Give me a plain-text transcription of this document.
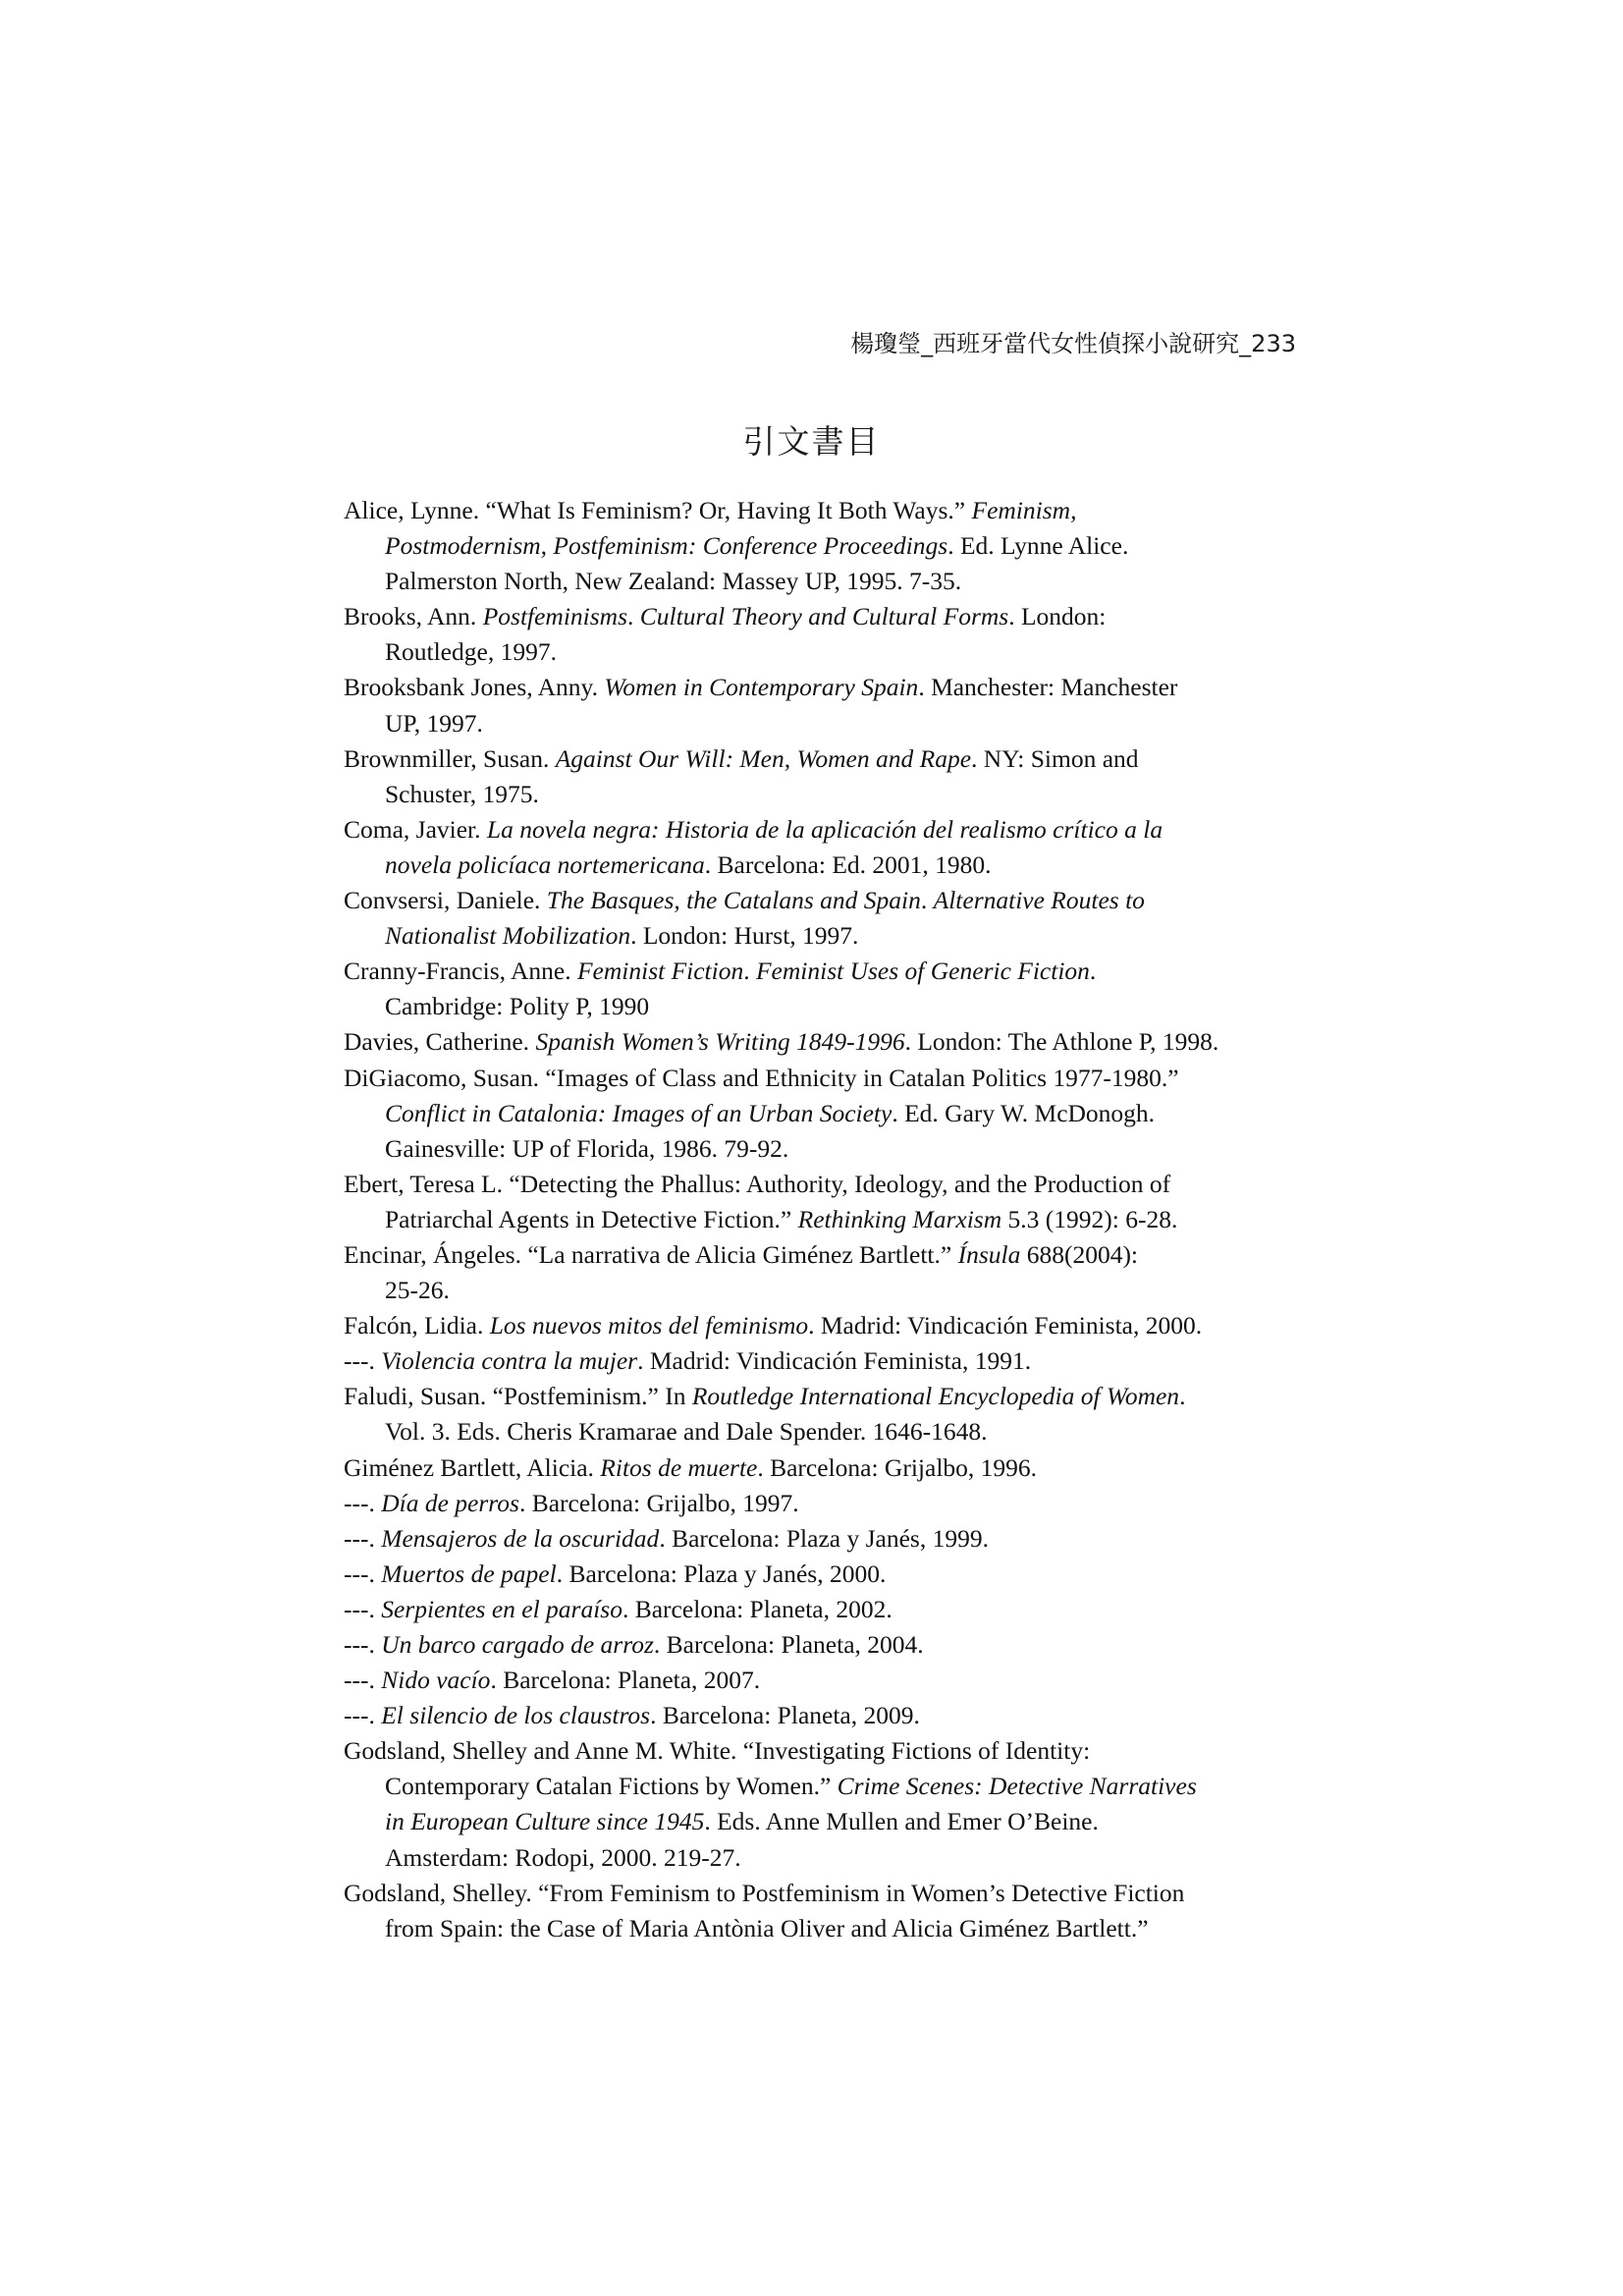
楊瓊瑩_西班牙當代女性偵探小說研究_233
引文書目

Alice, Lynne. “What Is Feminism? Or, Having It Both Ways.” Feminism,
Postmodernism, Postfeminism: Conference Proceedings. Ed. Lynne Alice.
Palmerston North, New Zealand: Massey UP, 1995. 7-35.

Brooks, Ann. Postfeminisms. Cultural Theory and Cultural Forms. London:
Routledge, 1997.

Brooksbank Jones, Anny. Women in Contemporary Spain. Manchester: Manchester
UP, 1997.

Brownmiller, Susan. Against Our Will: Men, Women and Rape. NY: Simon and
Schuster, 1975.

Coma, Javier. La novela negra: Historia de la aplicación del realismo crítico a la
novela policíaca nortemericana. Barcelona: Ed. 2001, 1980.

Convsersi, Daniele. The Basques, the Catalans and Spain. Alternative Routes to
Nationalist Mobilization. London: Hurst, 1997.

Cranny-Francis, Anne. Feminist Fiction. Feminist Uses of Generic Fiction.
Cambridge: Polity P, 1990

Davies, Catherine. Spanish Women’s Writing 1849-1996. London: The Athlone P, 1998.

DiGiacomo, Susan. “Images of Class and Ethnicity in Catalan Politics 1977-1980.”
Conflict in Catalonia: Images of an Urban Society. Ed. Gary W. McDonogh.
Gainesville: UP of Florida, 1986. 79-92.

Ebert, Teresa L. “Detecting the Phallus: Authority, Ideology, and the Production of
Patriarchal Agents in Detective Fiction.” Rethinking Marxism 5.3 (1992): 6-28.

Encinar, Ángeles. “La narrativa de Alicia Giménez Bartlett.” Ínsula 688(2004):
25-26.

Falcón, Lidia. Los nuevos mitos del feminismo. Madrid: Vindicación Feminista, 2000.

---. Violencia contra la mujer. Madrid: Vindicación Feminista, 1991.

Faludi, Susan. “Postfeminism.” In Routledge International Encyclopedia of Women.
Vol. 3. Eds. Cheris Kramarae and Dale Spender. 1646-1648.

Giménez Bartlett, Alicia. Ritos de muerte. Barcelona: Grijalbo, 1996.

---. Día de perros. Barcelona: Grijalbo, 1997.

---. Mensajeros de la oscuridad. Barcelona: Plaza y Janés, 1999.

---. Muertos de papel. Barcelona: Plaza y Janés, 2000.

---. Serpientes en el paraíso. Barcelona: Planeta, 2002.

---. Un barco cargado de arroz. Barcelona: Planeta, 2004.

---. Nido vacío. Barcelona: Planeta, 2007.

---. El silencio de los claustros. Barcelona: Planeta, 2009.

Godsland, Shelley and Anne M. White. “Investigating Fictions of Identity:
Contemporary Catalan Fictions by Women.” Crime Scenes: Detective Narratives
in European Culture since 1945. Eds. Anne Mullen and Emer O’Beine.
Amsterdam: Rodopi, 2000. 219-27.

Godsland, Shelley. “From Feminism to Postfeminism in Women’s Detective Fiction
from Spain: the Case of Maria Antònia Oliver and Alicia Giménez Bartlett.”
